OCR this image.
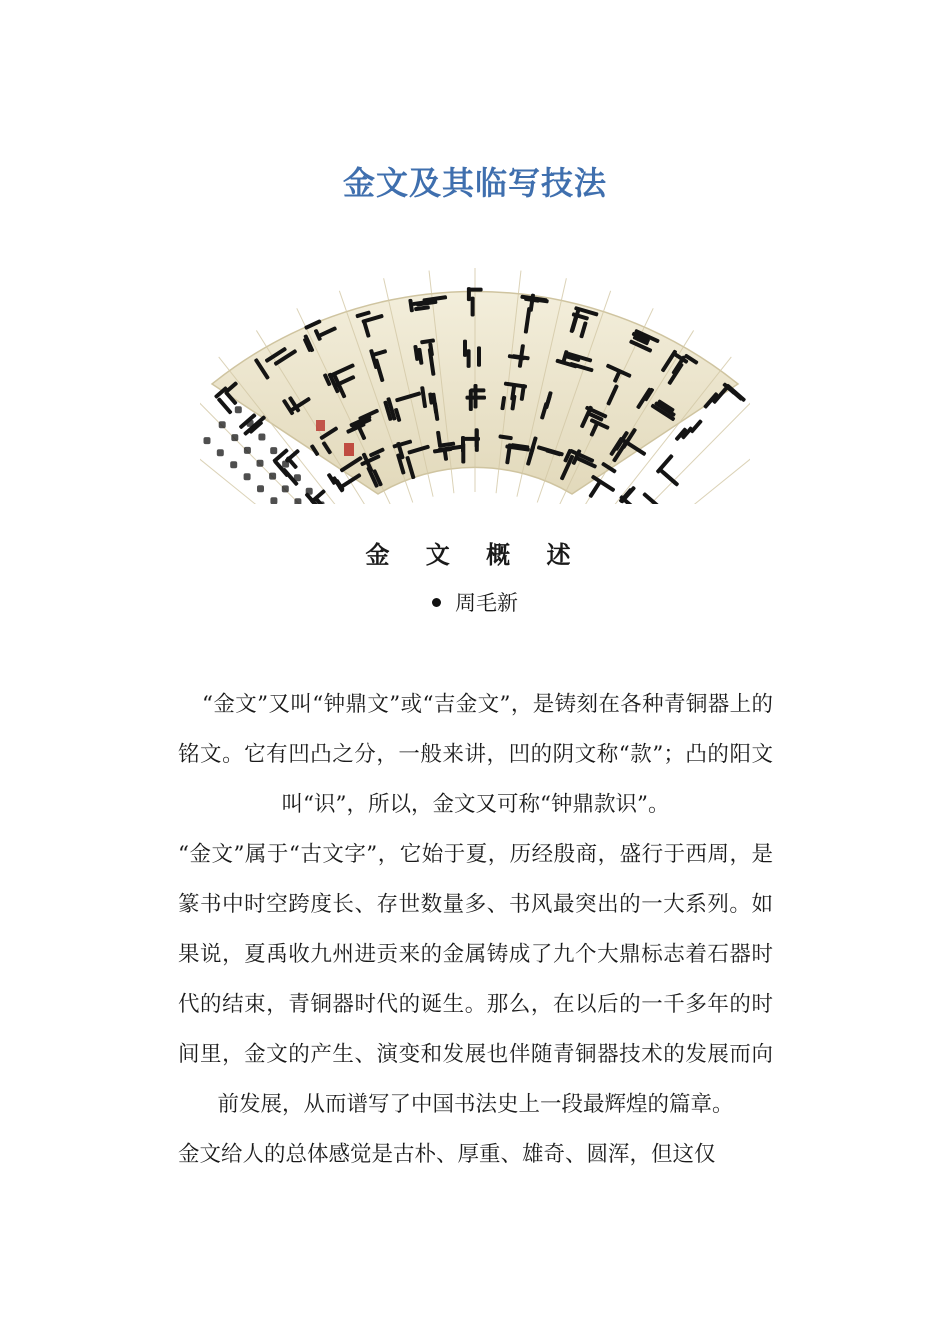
金文及其临写技法
金 文 概 述
周毛新

“金文”又叫“钟鼎文”或“吉金文”，是铸刻在各种青铜器上的铭文。它有凹凸之分，一般来讲，凹的阴文称“款”；凸的阳文叫“识”，所以，金文又可称“钟鼎款识”。

“金文”属于“古文字”，它始于夏，历经殷商，盛行于西周，是篆书中时空跨度长、存世数量多、书风最突出的一大系列。如果说，夏禹收九州进贡来的金属铸成了九个大鼎标志着石器时代的结束，青铜器时代的诞生。那么，在以后的一千多年的时间里，金文的产生、演变和发展也伴随青铜器技术的发展而向前发展，从而谱写了中国书法史上一段最辉煌的篇章。

金文给人的总体感觉是古朴、厚重、雄奇、圆浑，但这仅
